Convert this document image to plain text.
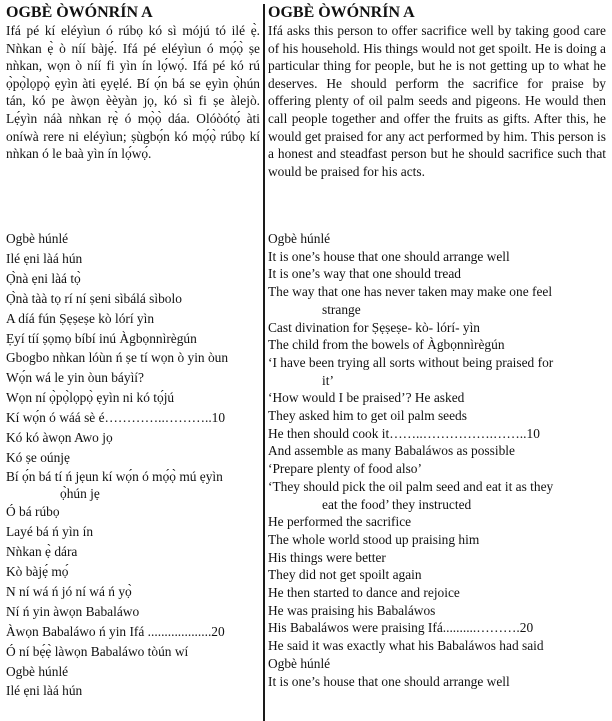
OGBÈ ÒWÓNRÍN A

Ifá pé kí eléyìun ó rúbọ kó sì mójú tó ilé ẹ̀. Nǹkan ẹ̀ ò níí bàjẹ́. Ifá pé eléyìun ó mọ́ọ̀ ṣe nǹkan, wọn ò níí fi yìn ín lọ́wọ́. Ifá pé kó rú ọ̀pọ̀lọpọ̀ ẹyìn àti ẹyẹlé. Bí ọ́n bá se ẹyìn ọ̀hún tán, kó pe àwọn èèyàn jọ, kó sì fi ṣe àlejò. Lẹ́yìn náà nǹkan rẹ̀ ó mọ̀ọ̀ dáa. Olóòótọ́ àti oníwà rere ni eléyìun; ṣùgbọ́n kó mọ́ọ̀ rúbọ kí nǹkan ó le baà yìn ín lọ́wọ́.

Ogbè húnlé
Ilé ẹni làá hún
Ọ̀nà ẹni làá tọ̀
Ọ̀nà tàà tọ rí ní ṣeni sìbálá sìbolo
A díá fún Ṣẹṣeṣe kò lórí yìn
Ẹyí tíí ṣọmọ bíbí inú Àgbọnnìrègún
Gbogbo nǹkan lóùn ń ṣe tí wọn ò yin òun
Wọ́n wá le yin òun báyìí?
Wọn ní ọ̀pọ̀lọpọ̀ ẹyìn ni kó tọ́jú
Kí wọ́n ó wáá sè é…………..………..10
Kó kó àwọn Awo jọ
Kó ṣe oúnjẹ
Bí ọ́n bá tí ń jẹun kí wọ́n ó mọ́ọ̀ mú ẹyìn
ọ̀hún jẹ
Ó bá rúbọ
Layé bá ń yìn ín
Nǹkan ẹ̀ dára
Kò bàjẹ́ mọ́
N ní wá ń jó ní wá ń yọ̀
Ní ń yin àwọn Babaláwo
Àwọn Babaláwo ń yin Ifá ...................20
Ó ní bẹ́ẹ̀ làwọn Babaláwo tòún wí
Ogbè húnlé
Ilé ẹni làá hún
OGBÈ ÒWÓNRÍN A

Ifá asks this person to offer sacrifice well by taking good care of his household. His things would not get spoilt. He is doing a particular thing for people, but he is not getting up to what he deserves. He should perform the sacrifice for praise by offering plenty of oil palm seeds and pigeons. He would then call people together and offer the fruits as gifts. After this, he would get praised for any act performed by him. This person is a honest and steadfast person but he should sacrifice such that would be praised for his acts.

Ogbè húnlé
It is one’s house that one should arrange well
It is one’s way that one should tread
The way that one has never taken may make one feel
strange
Cast divination for Ṣẹṣeṣe- kò- lórí- yìn
The child from the bowels of Àgbọnnìrègún
‘I have been trying all sorts without being praised for
it’
‘How would I be praised’? He asked
They asked him to get oil palm seeds
He then should cook it……..…………….……..10
And assemble as many Babaláwos as possible
‘Prepare plenty of food also’
‘They should pick the oil palm seed and eat it as they
eat the food’ they instructed
He performed the sacrifice
The whole world stood up praising him
His things were better
They did not get spoilt again
He then started to dance and rejoice
He was praising his Babaláwos
His Babaláwos were praising Ifá..........……….20
He said it was exactly what his Babaláwos had said
Ogbè húnlé
It is one’s house that one should arrange well
